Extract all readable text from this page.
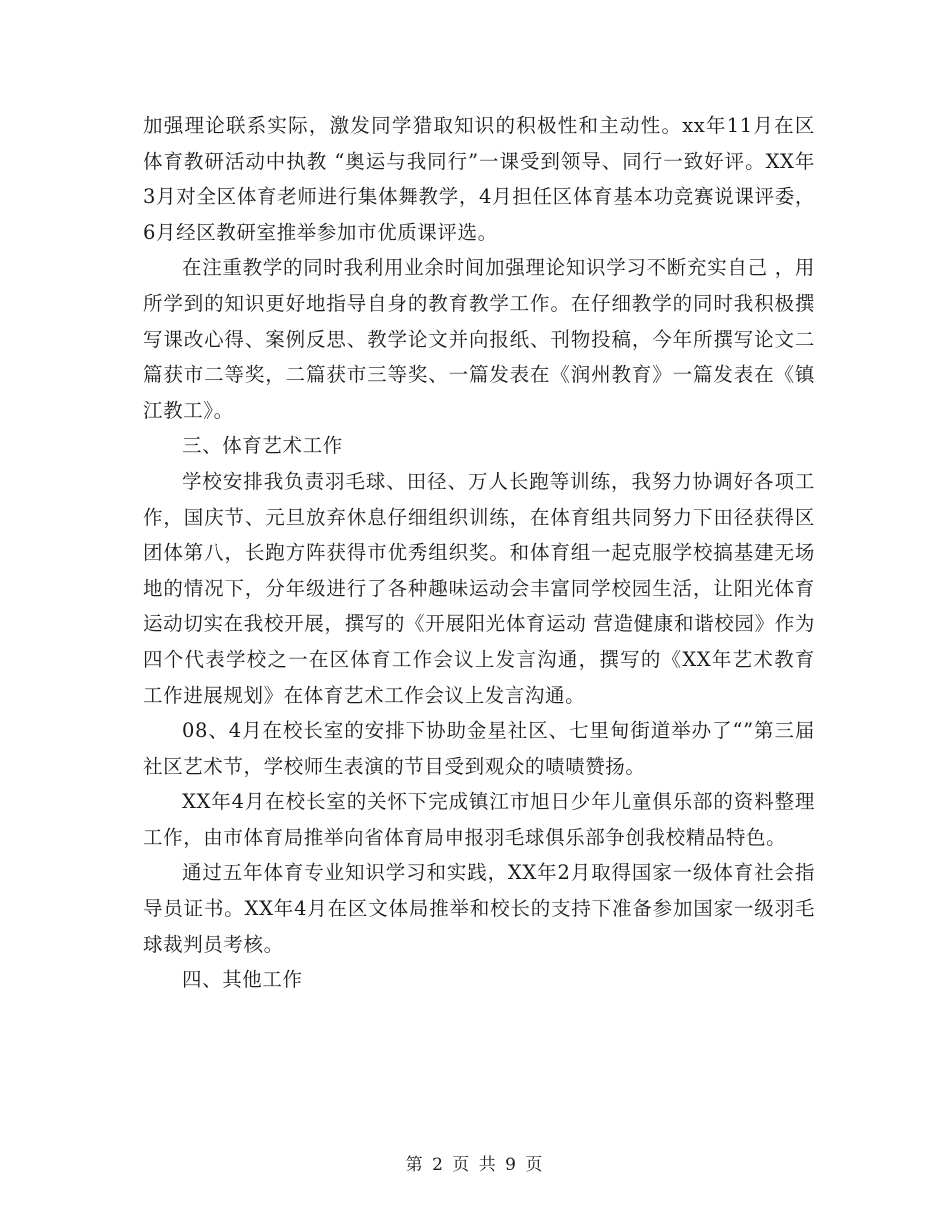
加强理论联系实际，激发同学猎取知识的积极性和主动性。xx年11月在区体育教研活动中执教 “奥运与我同行”一课受到领导、同行一致好评。XX年3月对全区体育老师进行集体舞教学，4月担任区体育基本功竞赛说课评委，6月经区教研室推举参加市优质课评选。

在注重教学的同时我利用业余时间加强理论知识学习不断充实自己 ，用所学到的知识更好地指导自身的教育教学工作。在仔细教学的同时我积极撰写课改心得、案例反思、教学论文并向报纸、刊物投稿，今年所撰写论文二篇获市二等奖，二篇获市三等奖、一篇发表在《润州教育》一篇发表在《镇江教工》。

三、体育艺术工作

学校安排我负责羽毛球、田径、万人长跑等训练，我努力协调好各项工作，国庆节、元旦放弃休息仔细组织训练，在体育组共同努力下田径获得区团体第八，长跑方阵获得市优秀组织奖。和体育组一起克服学校搞基建无场地的情况下，分年级进行了各种趣味运动会丰富同学校园生活，让阳光体育运动切实在我校开展，撰写的《开展阳光体育运动 营造健康和谐校园》作为四个代表学校之一在区体育工作会议上发言沟通，撰写的《XX年艺术教育工作进展规划》在体育艺术工作会议上发言沟通。

08、4月在校长室的安排下协助金星社区、七里甸街道举办了“”第三届社区艺术节，学校师生表演的节目受到观众的啧啧赞扬。

XX年4月在校长室的关怀下完成镇江市旭日少年儿童俱乐部的资料整理工作，由市体育局推举向省体育局申报羽毛球俱乐部争创我校精品特色。

通过五年体育专业知识学习和实践，XX年2月取得国家一级体育社会指导员证书。XX年4月在区文体局推举和校长的支持下准备参加国家一级羽毛球裁判员考核。

四、其他工作

第 2 页 共 9 页
